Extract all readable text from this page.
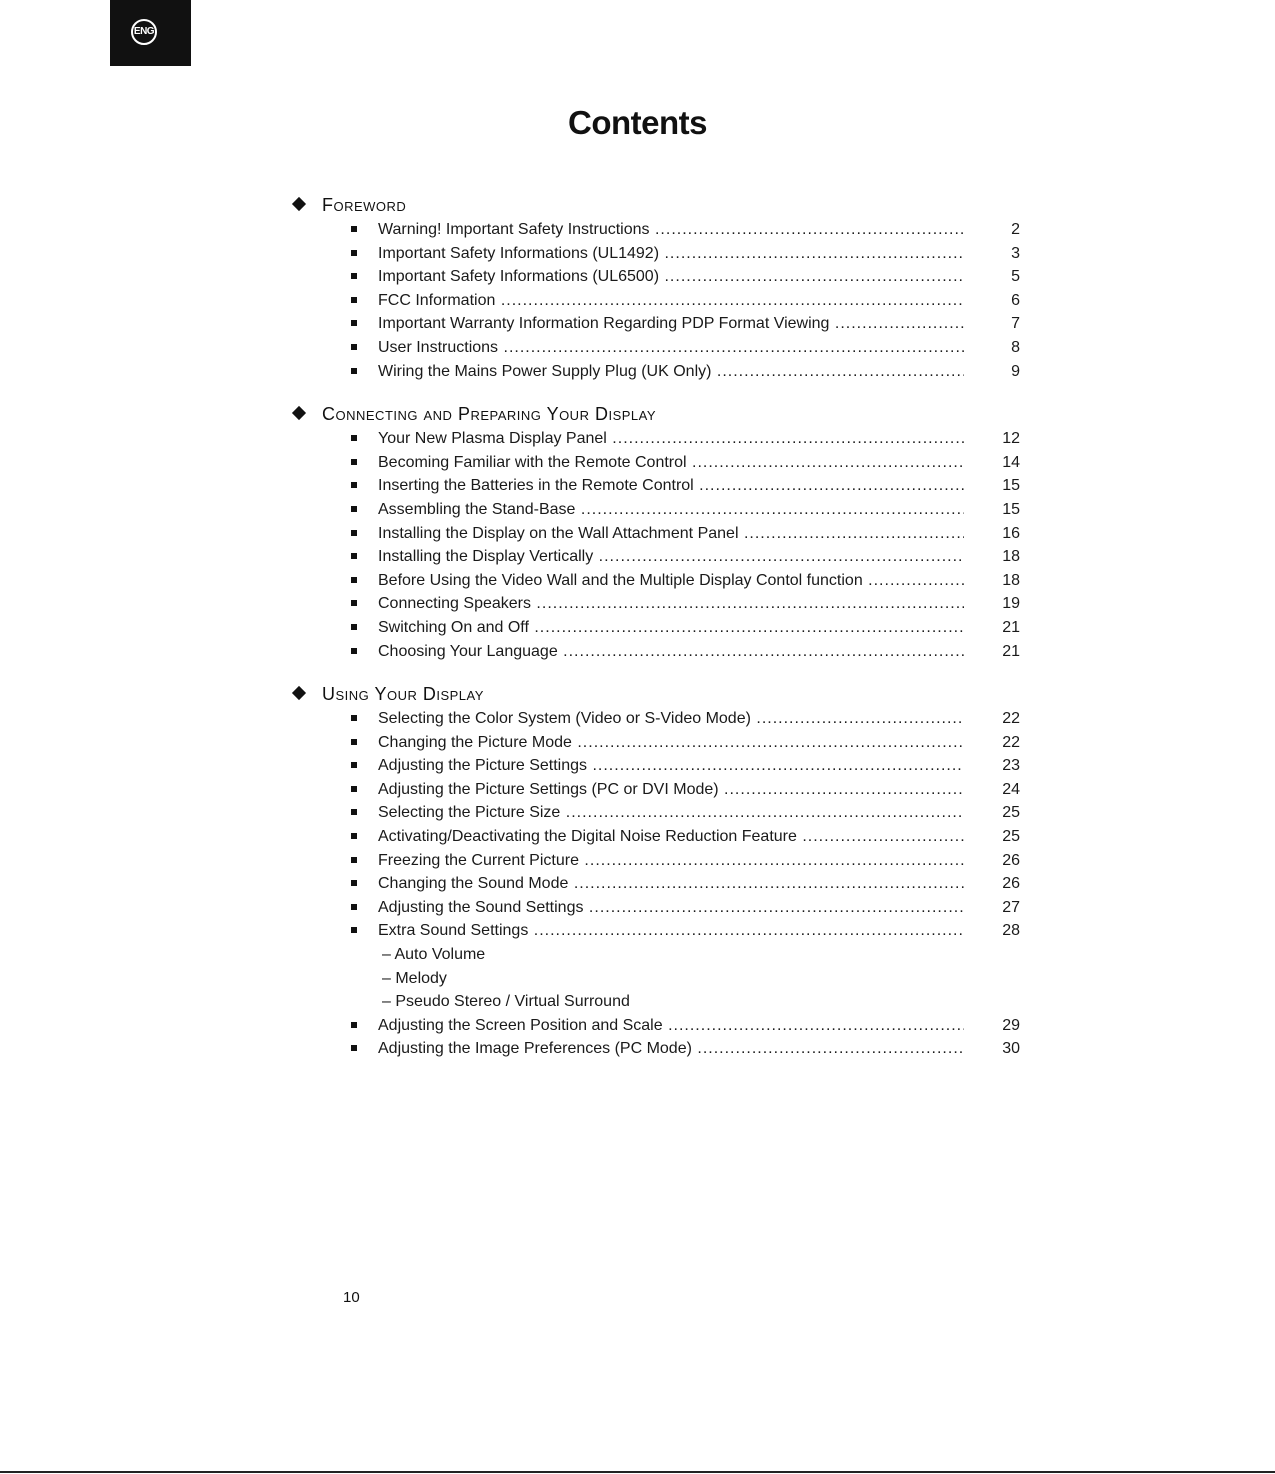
ENG
Contents
Foreword
Warning! Important Safety Instructions .....	2
Important Safety Informations (UL1492) .....	3
Important Safety Informations (UL6500) .....	5
FCC Information .....	6
Important Warranty Information Regarding PDP Format Viewing .....	7
User Instructions .....	8
Wiring the Mains Power Supply Plug (UK Only) .....	9
Connecting and Preparing Your Display
Your New Plasma Display Panel .....	12
Becoming Familiar with the Remote Control .....	14
Inserting the Batteries in the Remote Control .....	15
Assembling the Stand-Base .....	15
Installing the Display on the Wall Attachment Panel .....	16
Installing the Display Vertically .....	18
Before Using the Video Wall and the Multiple Display Contol function .....	18
Connecting Speakers .....	19
Switching On and Off .....	21
Choosing Your Language .....	21
Using Your Display
Selecting the Color System (Video or S-Video Mode) .....	22
Changing the Picture Mode .....	22
Adjusting the Picture Settings .....	23
Adjusting the Picture Settings (PC or DVI Mode) .....	24
Selecting the Picture Size .....	25
Activating/Deactivating the Digital Noise Reduction Feature .....	25
Freezing the Current Picture .....	26
Changing the Sound Mode .....	26
Adjusting the Sound Settings .....	27
Extra Sound Settings .....	28
– Auto Volume
– Melody
– Pseudo Stereo / Virtual Surround
Adjusting the Screen Position and Scale .....	29
Adjusting the Image Preferences (PC Mode) .....	30
10
